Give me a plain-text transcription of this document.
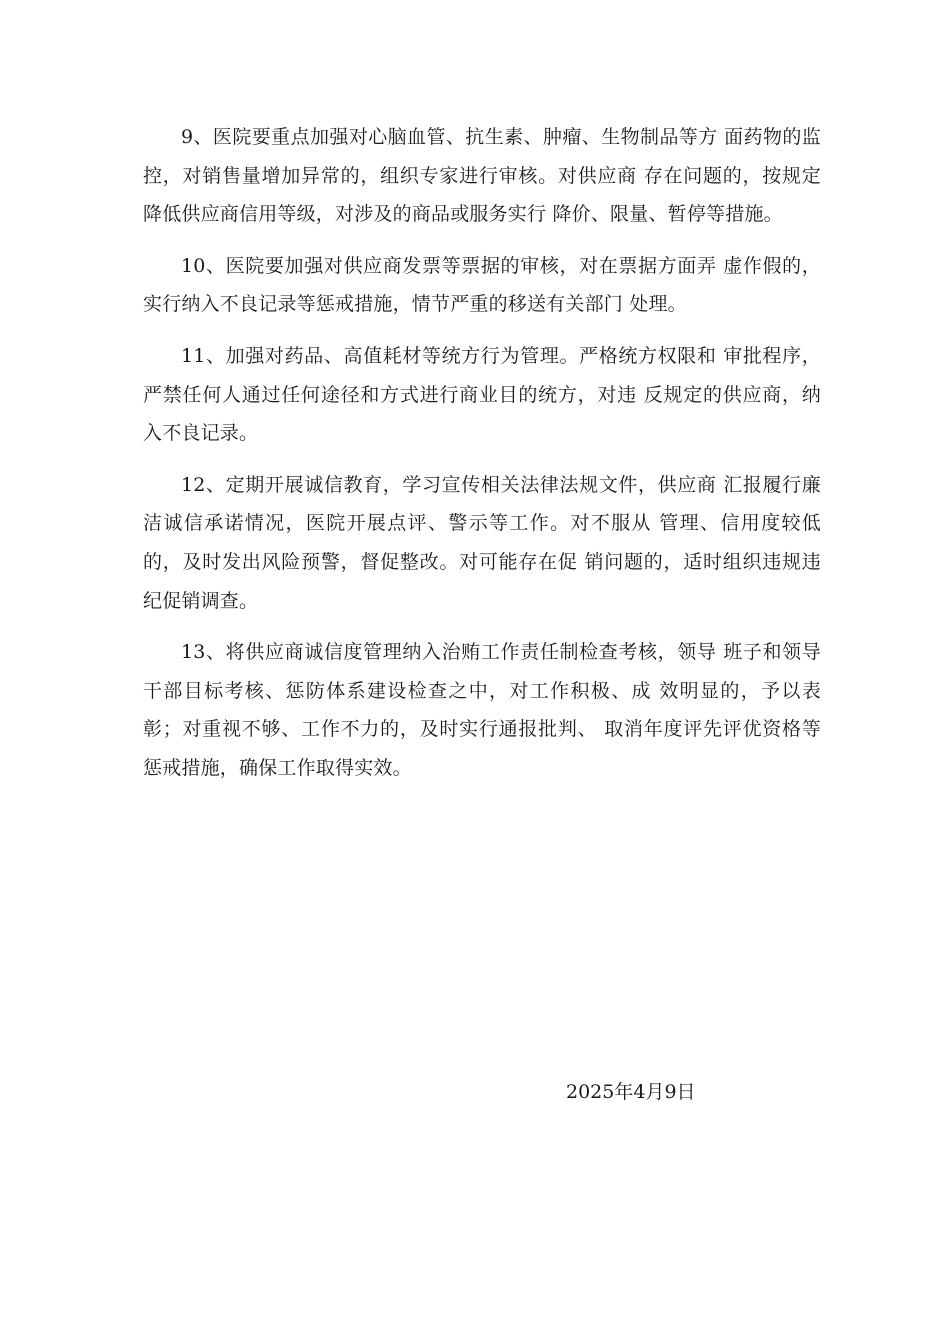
9、医院要重点加强对心脑血管、抗生素、肿瘤、生物制品等方 面药物的监控，对销售量增加异常的，组织专家进行审核。对供应商 存在问题的，按规定降低供应商信用等级，对涉及的商品或服务实行 降价、限量、暂停等措施。

10、医院要加强对供应商发票等票据的审核，对在票据方面弄 虚作假的，实行纳入不良记录等惩戒措施，情节严重的移送有关部门 处理。

11、加强对药品、高值耗材等统方行为管理。严格统方权限和 审批程序，严禁任何人通过任何途径和方式进行商业目的统方，对违 反规定的供应商，纳入不良记录。

12、定期开展诚信教育，学习宣传相关法律法规文件，供应商 汇报履行廉洁诚信承诺情况，医院开展点评、警示等工作。对不服从 管理、信用度较低的，及时发出风险预警，督促整改。对可能存在促 销问题的，适时组织违规违纪促销调查。

13、将供应商诚信度管理纳入治贿工作责任制检查考核，领导 班子和领导干部目标考核、惩防体系建设检查之中，对工作积极、成 效明显的，予以表彰；对重视不够、工作不力的，及时实行通报批判、 取消年度评先评优资格等惩戒措施，确保工作取得实效。

2025年4月9日
